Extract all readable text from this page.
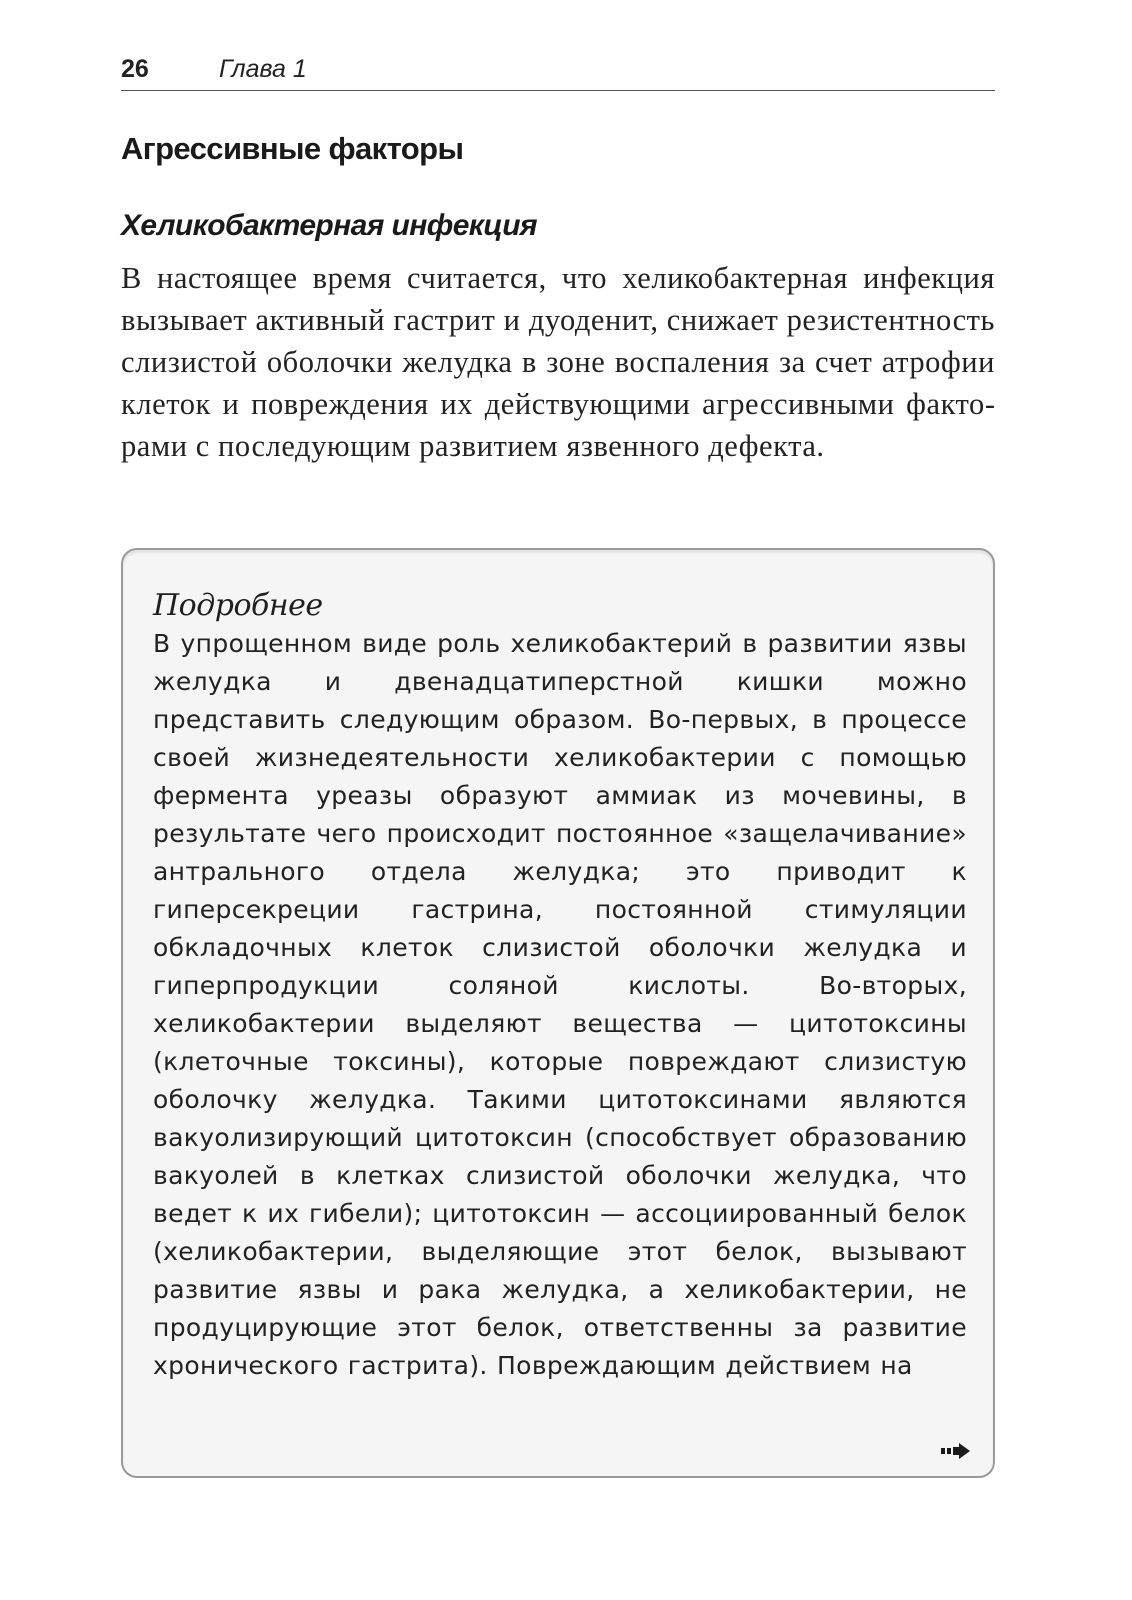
26	Глава 1
Агрессивные факторы
Хеликобактерная инфекция

В настоящее время считается, что хеликобактерная инфекция вызывает активный гастрит и дуоденит, снижает резистентность слизистой оболочки желудка в зоне воспаления за счет атрофии клеток и повреждения их действующими агрессивными факторами с последующим развитием язвенного дефекта.

Подробнее

В упрощенном виде роль хеликобактерий в развитии язвы желудка и двенадцатиперстной кишки можно представить следующим образом. Во-первых, в процессе своей жизнедеятельности хеликобактерии с помощью фермента уреазы образуют аммиак из мочевины, в результате чего происходит постоянное «защелачивание» антрального отдела желудка; это приводит к гиперсекреции гастрина, постоянной стимуляции обкладочных клеток слизистой оболочки желудка и гиперпродукции соляной кислоты. Во-вторых, хеликобактерии выделяют вещества — цитотоксины (клеточные токсины), которые повреждают слизистую оболочку желудка. Такими цитотоксинами являются вакуолизирующий цитотоксин (способствует образованию вакуолей в клетках слизистой оболочки желудка, что ведет к их гибели); цитотоксин — ассоциированный белок (хеликобактерии, выделяющие этот белок, вызывают развитие язвы и рака желудка, а хеликобактерии, не продуцирующие этот белок, ответственны за развитие хронического гастрита). Повреждающим действием на
